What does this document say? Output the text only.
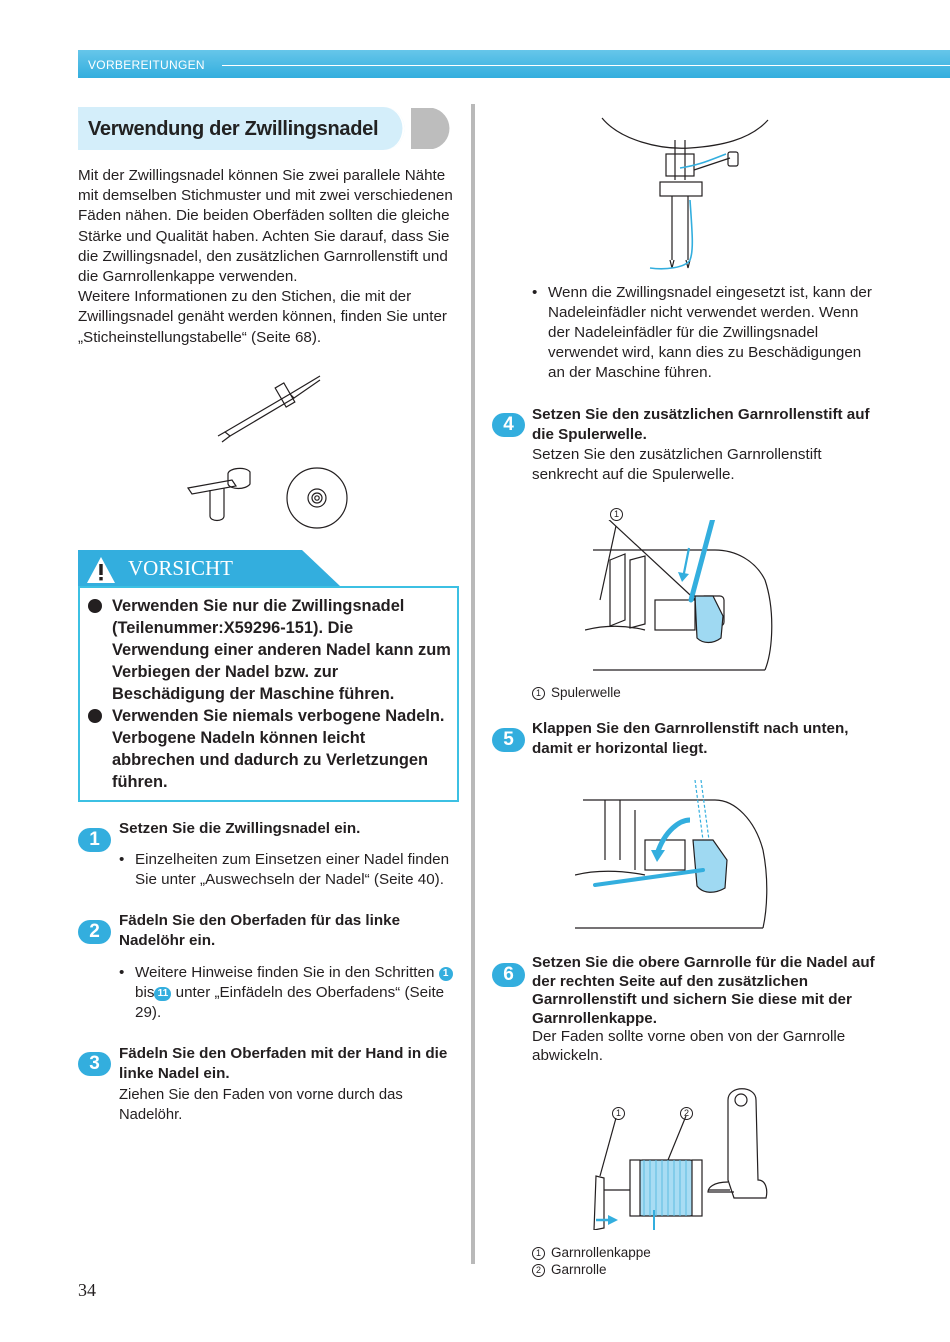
VORBEREITUNGEN
Verwendung der Zwillingsnadel
Mit der Zwillingsnadel können Sie zwei parallele Nähte mit demselben Stichmuster und mit zwei verschiedenen Fäden nähen. Die beiden Oberfäden sollten die gleiche Stärke und Qualität haben. Achten Sie darauf, dass Sie die Zwillingsnadel, den zusätzlichen Garnrollenstift und die Garnrollenkappe verwenden.
Weitere Informationen zu den Stichen, die mit der Zwillingsnadel genäht werden können, finden Sie unter „Sticheinstellungstabelle“ (Seite 68).
VORSICHT
Verwenden Sie nur die Zwillingsnadel (Teilenummer:X59296-151). Die Verwendung einer anderen Nadel kann zum Verbiegen der Nadel bzw. zur Beschädigung der Maschine führen.
Verwenden Sie niemals verbogene Nadeln. Verbogene Nadeln können leicht abbrechen und dadurch zu Verletzungen führen.
1
Setzen Sie die Zwillingsnadel ein.
• Einzelheiten zum Einsetzen einer Nadel finden Sie unter „Auswechseln der Nadel“ (Seite 40).
2
Fädeln Sie den Oberfaden für das linke Nadelöhr ein.
• Weitere Hinweise finden Sie in den Schritten 1
bis 11 unter „Einfädeln des Oberfadens“ (Seite 29).
3	Fädeln Sie den Oberfaden mit der Hand in die linke Nadel ein.
Ziehen Sie den Faden von vorne durch das Nadelöhr.
34
• Wenn die Zwillingsnadel eingesetzt ist, kann der Nadeleinfädler nicht verwendet werden. Wenn der Nadeleinfädler für die Zwillingsnadel verwendet wird, kann dies zu Beschädigungen an der Maschine führen.
4	Setzen Sie den zusätzlichen Garnrollenstift auf die Spulerwelle.
Setzen Sie den zusätzlichen Garnrollenstift senkrecht auf die Spulerwelle.
1
1 Spulerwelle
5
Klappen Sie den Garnrollenstift nach unten, damit er horizontal liegt.
6
Setzen Sie die obere Garnrolle für die Nadel auf der rechten Seite auf den zusätzlichen Garnrollenstift und sichern Sie diese mit der Garnrollenkappe.
Der Faden sollte vorne oben von der Garnrolle abwickeln.
1	2
1 Garnrollenkappe
2 Garnrolle
